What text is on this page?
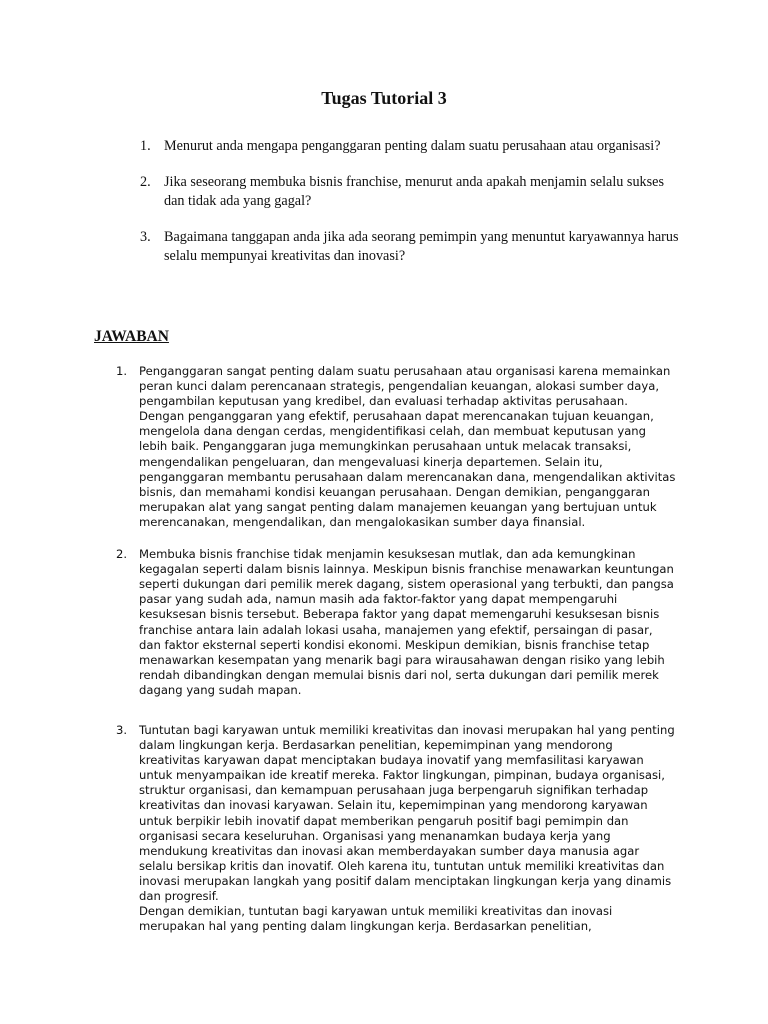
Tugas Tutorial 3
1. Menurut anda mengapa penganggaran penting dalam suatu perusahaan atau organisasi?
2. Jika seseorang membuka bisnis franchise, menurut anda apakah menjamin selalu sukses dan tidak ada yang gagal?
3. Bagaimana tanggapan anda jika ada seorang pemimpin yang menuntut karyawannya harus selalu mempunyai kreativitas dan inovasi?
JAWABAN
1.	Penganggaran sangat penting dalam suatu perusahaan atau organisasi karena memainkan peran kunci dalam perencanaan strategis, pengendalian keuangan, alokasi sumber daya, pengambilan keputusan yang kredibel, dan evaluasi terhadap aktivitas perusahaan. Dengan penganggaran yang efektif, perusahaan dapat merencanakan tujuan keuangan, mengelola dana dengan cerdas, mengidentifikasi celah, dan membuat keputusan yang lebih baik. Penganggaran juga memungkinkan perusahaan untuk melacak transaksi, mengendalikan pengeluaran, dan mengevaluasi kinerja departemen. Selain itu, penganggaran membantu perusahaan dalam merencanakan dana, mengendalikan aktivitas bisnis, dan memahami kondisi keuangan perusahaan. Dengan demikian, penganggaran merupakan alat yang sangat penting dalam manajemen keuangan yang bertujuan untuk merencanakan, mengendalikan, dan mengalokasikan sumber daya finansial.
2.	Membuka bisnis franchise tidak menjamin kesuksesan mutlak, dan ada kemungkinan kegagalan seperti dalam bisnis lainnya. Meskipun bisnis franchise menawarkan keuntungan seperti dukungan dari pemilik merek dagang, sistem operasional yang terbukti, dan pangsa pasar yang sudah ada, namun masih ada faktor-faktor yang dapat mempengaruhi kesuksesan bisnis tersebut. Beberapa faktor yang dapat memengaruhi kesuksesan bisnis franchise antara lain adalah lokasi usaha, manajemen yang efektif, persaingan di pasar, dan faktor eksternal seperti kondisi ekonomi. Meskipun demikian, bisnis franchise tetap menawarkan kesempatan yang menarik bagi para wirausahawan dengan risiko yang lebih rendah dibandingkan dengan memulai bisnis dari nol, serta dukungan dari pemilik merek dagang yang sudah mapan.
3.	Tuntutan bagi karyawan untuk memiliki kreativitas dan inovasi merupakan hal yang penting dalam lingkungan kerja. Berdasarkan penelitian, kepemimpinan yang mendorong kreativitas karyawan dapat menciptakan budaya inovatif yang memfasilitasi karyawan untuk menyampaikan ide kreatif mereka. Faktor lingkungan, pimpinan, budaya organisasi, struktur organisasi, dan kemampuan perusahaan juga berpengaruh signifikan terhadap kreativitas dan inovasi karyawan. Selain itu, kepemimpinan yang mendorong karyawan untuk berpikir lebih inovatif dapat memberikan pengaruh positif bagi pemimpin dan organisasi secara keseluruhan. Organisasi yang menanamkan budaya kerja yang mendukung kreativitas dan inovasi akan memberdayakan sumber daya manusia agar selalu bersikap kritis dan inovatif. Oleh karena itu, tuntutan untuk memiliki kreativitas dan inovasi merupakan langkah yang positif dalam menciptakan lingkungan kerja yang dinamis dan progresif.

Dengan demikian, tuntutan bagi karyawan untuk memiliki kreativitas dan inovasi merupakan hal yang penting dalam lingkungan kerja. Berdasarkan penelitian,
